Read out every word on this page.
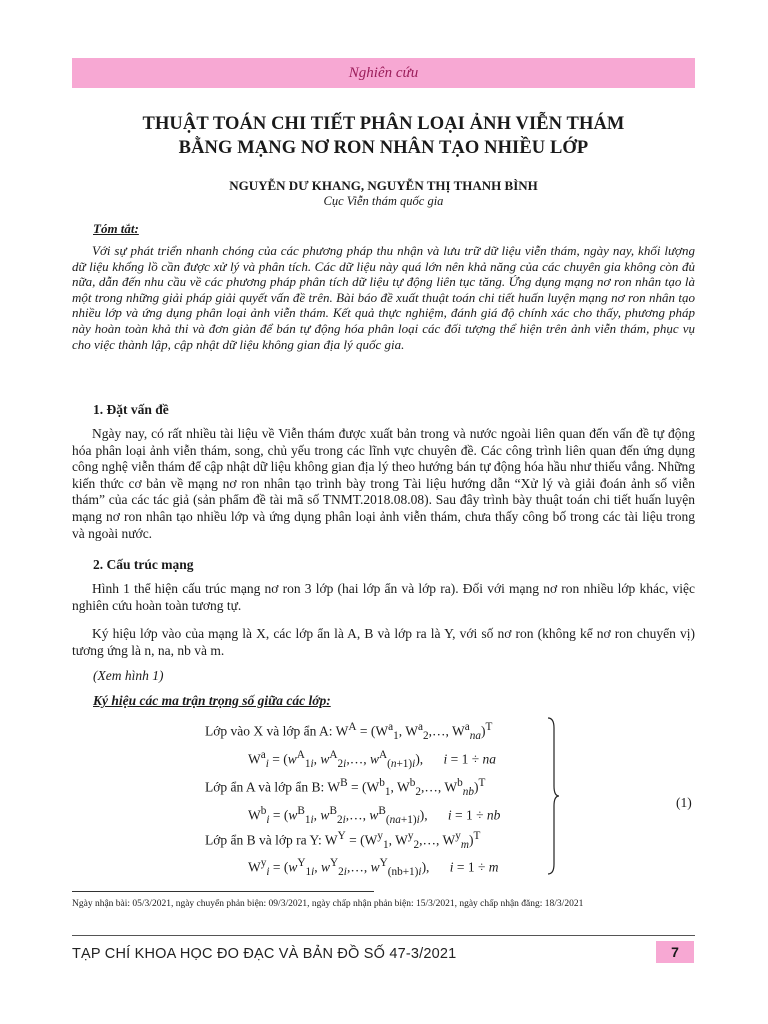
Nghiên cứu
THUẬT TOÁN CHI TIẾT PHÂN LOẠI ẢNH VIỄN THÁM
BẰNG MẠNG NƠ RON NHÂN TẠO NHIỀU LỚP
NGUYỄN DƯ KHANG, NGUYỄN THỊ THANH BÌNH
Cục Viễn thám quốc gia
Tóm tắt:
Với sự phát triển nhanh chóng của các phương pháp thu nhận và lưu trữ dữ liệu viễn thám, ngày nay, khối lượng dữ liệu khổng lồ cần được xử lý và phân tích. Các dữ liệu này quá lớn nên khả năng của các chuyên gia không còn đủ nữa, dẫn đến nhu cầu về các phương pháp phân tích dữ liệu tự động liên tục tăng. Ứng dụng mạng nơ ron nhân tạo là một trong những giải pháp giải quyết vấn đề trên. Bài báo đề xuất thuật toán chi tiết huấn luyện mạng nơ ron nhân tạo nhiều lớp và ứng dụng phân loại ảnh viễn thám. Kết quả thực nghiệm, đánh giá độ chính xác cho thấy, phương pháp này hoàn toàn khả thi và đơn giản để bán tự động hóa phân loại các đối tượng thể hiện trên ảnh viễn thám, phục vụ cho việc thành lập, cập nhật dữ liệu không gian địa lý quốc gia.
1. Đặt vấn đề
Ngày nay, có rất nhiều tài liệu về Viễn thám được xuất bản trong và nước ngoài liên quan đến vấn đề tự động hóa phân loại ảnh viễn thám, song, chủ yếu trong các lĩnh vực chuyên đề. Các công trình liên quan đến ứng dụng công nghệ viễn thám để cập nhật dữ liệu không gian địa lý theo hướng bán tự động hóa hầu như thiếu vắng. Những kiến thức cơ bản về mạng nơ ron nhân tạo trình bày trong Tài liệu hướng dẫn “Xử lý và giải đoán ảnh số viễn thám” của các tác giả (sản phẩm đề tài mã số TNMT.2018.08.08). Sau đây trình bày thuật toán chi tiết huấn luyện mạng nơ ron nhân tạo nhiều lớp và ứng dụng phân loại ảnh viễn thám, chưa thấy công bố trong các tài liệu trong và ngoài nước.
2. Cấu trúc mạng
Hình 1 thể hiện cấu trúc mạng nơ ron 3 lớp (hai lớp ẩn và lớp ra). Đối với mạng nơ ron nhiều lớp khác, việc nghiên cứu hoàn toàn tương tự.
Ký hiệu lớp vào của mạng là X, các lớp ẩn là A, B và lớp ra là Y, với số nơ ron (không kể nơ ron chuyển vị) tương ứng là n, na, nb và m.
(Xem hình 1)
Ký hiệu các ma trận trọng số giữa các lớp:
Lớp vào X và lớp ẩn A: $W^A = (W^a_1$, $W^a_2,\dots$, $W^a_{na})^T$
$W^a_i = (w^A_{1i}$, $w^A_{2i},\dots$, $w^A_{(n+1)i}$),      i = 1 ÷ na
Lớp ẩn A và lớp ẩn B: $W^B = (W^b_1$, $W^b_2,\dots$, $W^b_{nb})^T$
$W^b_i = (w^B_{1i}$, $w^B_{2i},\dots$, $w^B_{(na+1)i}$),      i = 1 ÷ nb
Lớp ẩn B và lớp ra Y: $W^Y = (W^y_1$, $W^y_2,\dots$, $W^y_m)^T$
$W^y_i = (w^Y_{1i}$, $w^Y_{2i},\dots$, $w^Y_{(nb+1)i}$),      i = 1 ÷ m
(1)
Ngày nhận bài: 05/3/2021, ngày chuyển phản biện: 09/3/2021, ngày chấp nhận phản biện: 15/3/2021, ngày chấp nhận đăng: 18/3/2021
TẠP CHÍ KHOA HỌC ĐO ĐẠC VÀ BẢN ĐỒ SỐ 47-3/2021	7
